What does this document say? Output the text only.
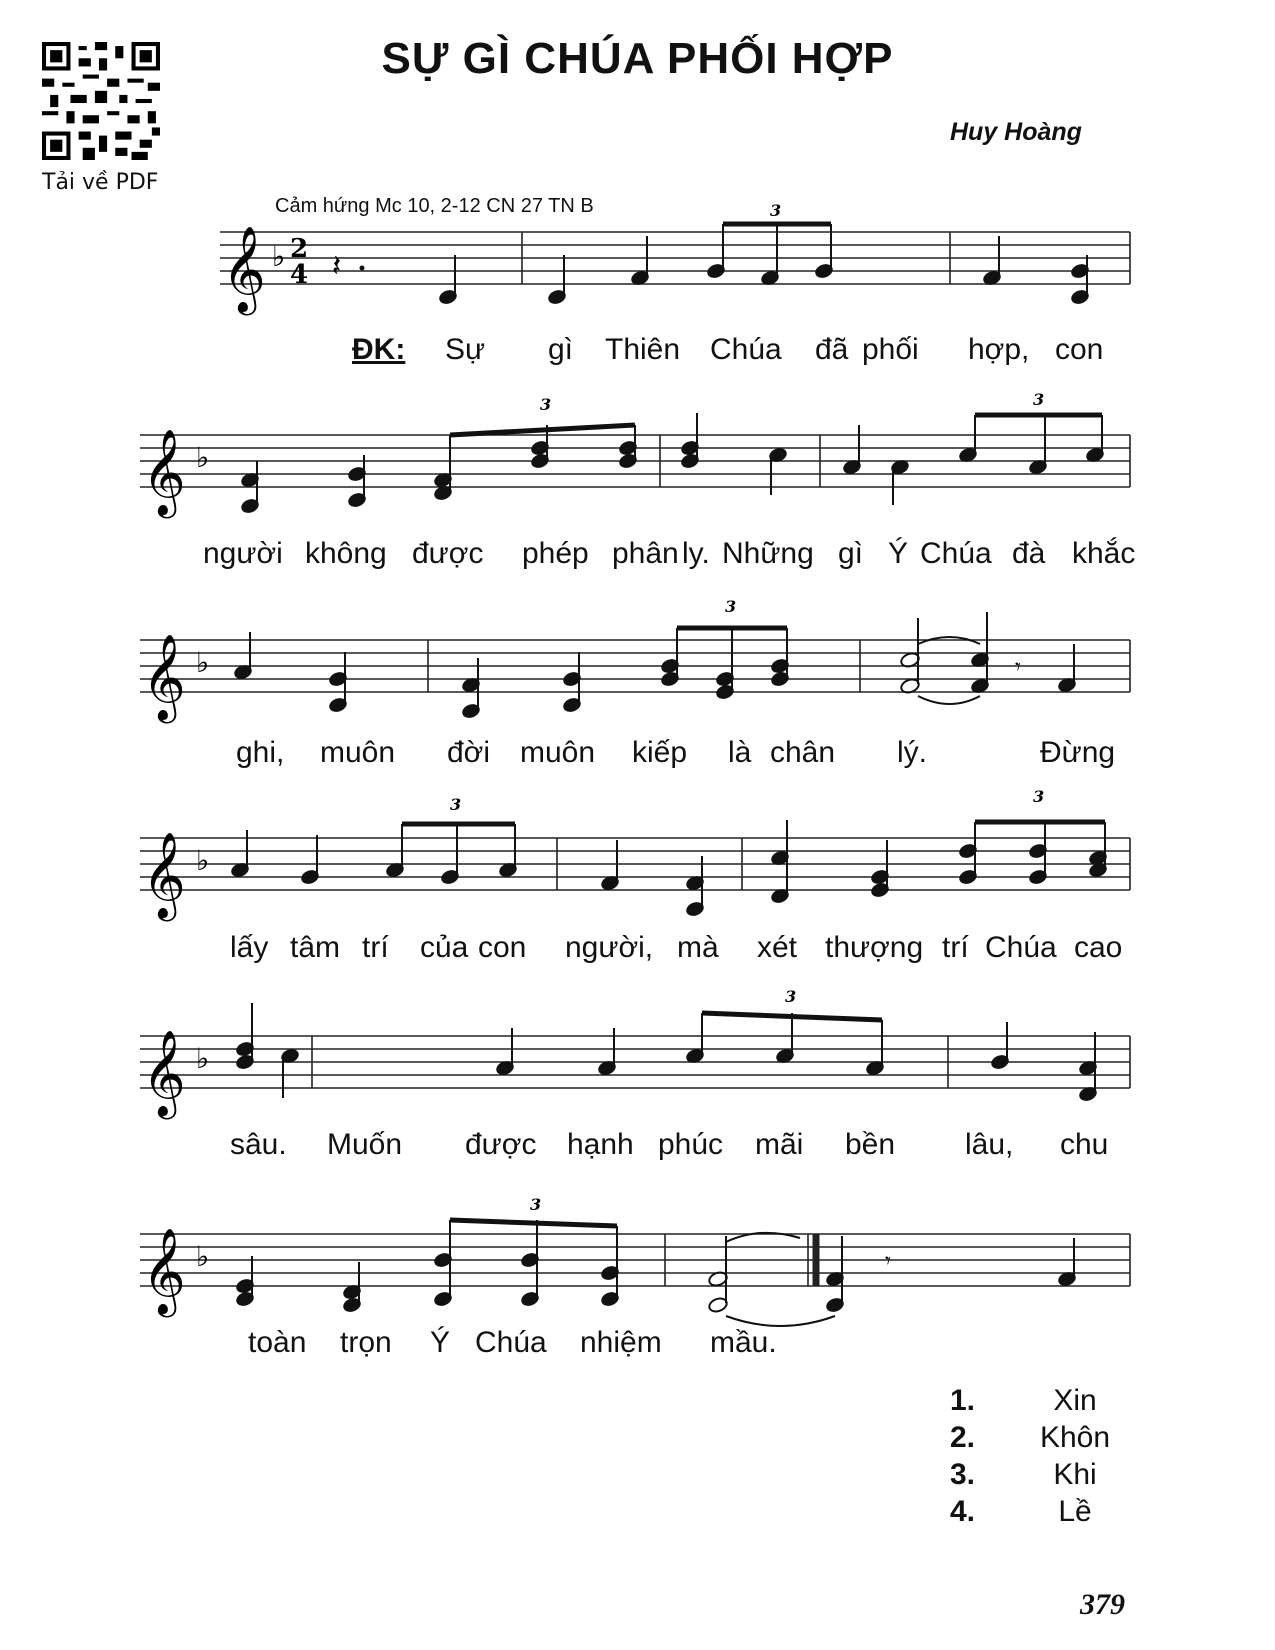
Tải về PDF
SỰ GÌ CHÚA PHỐI HỢP
Huy Hoàng
Cảm hứng Mc 10, 2-12 CN 27 TN B
𝄞 ♭ 2
4 𝄽
3
ĐK: Sự gì Thiên Chúa đã phối hợp, con
𝄞 ♭
3	3
người không được phép phân ly. Những gì Ý Chúa đà khắc
𝄞 ♭	𝄾
3
ghi, muôn đời muôn kiếp là chân lý.	Đừng
𝄞 ♭
3	3
lấy tâm trí của con người, mà xét thượng trí Chúa cao
𝄞 ♭
3
sâu. Muốn được hạnh phúc mãi bền lâu, chu
𝄞 ♭	𝄾
3
toàn trọn Ý Chúa nhiệm mầu.
1.	Xin
2.	Khôn
3.	Khi
4.	Lề
379
